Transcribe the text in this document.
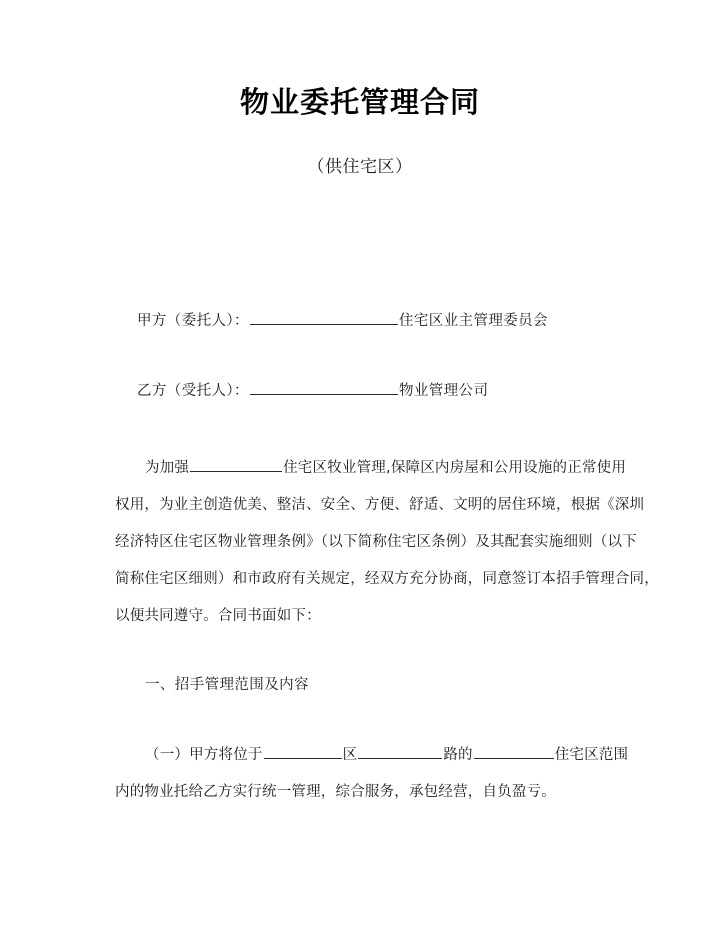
物业委托管理合同
（供住宅区）
甲方（委托人）：	住宅区业主管理委员会
乙方（受托人）：	物业管理公司
为加强	住宅区牧业管理,保障区内房屋和公用设施的正常使用
权用，为业主创造优美、整洁、安全、方便、舒适、文明的居住环境，根据《深圳
经济特区住宅区物业管理条例》（以下简称住宅区条例）及其配套实施细则（以下
简称住宅区细则）和市政府有关规定，经双方充分协商，同意签订本招手管理合同，
以便共同遵守。合同书面如下：
一、招手管理范围及内容
（一）甲方将位于	区	路的	住宅区范围
内的物业托给乙方实行统一管理，综合服务，承包经营，自负盈亏。
